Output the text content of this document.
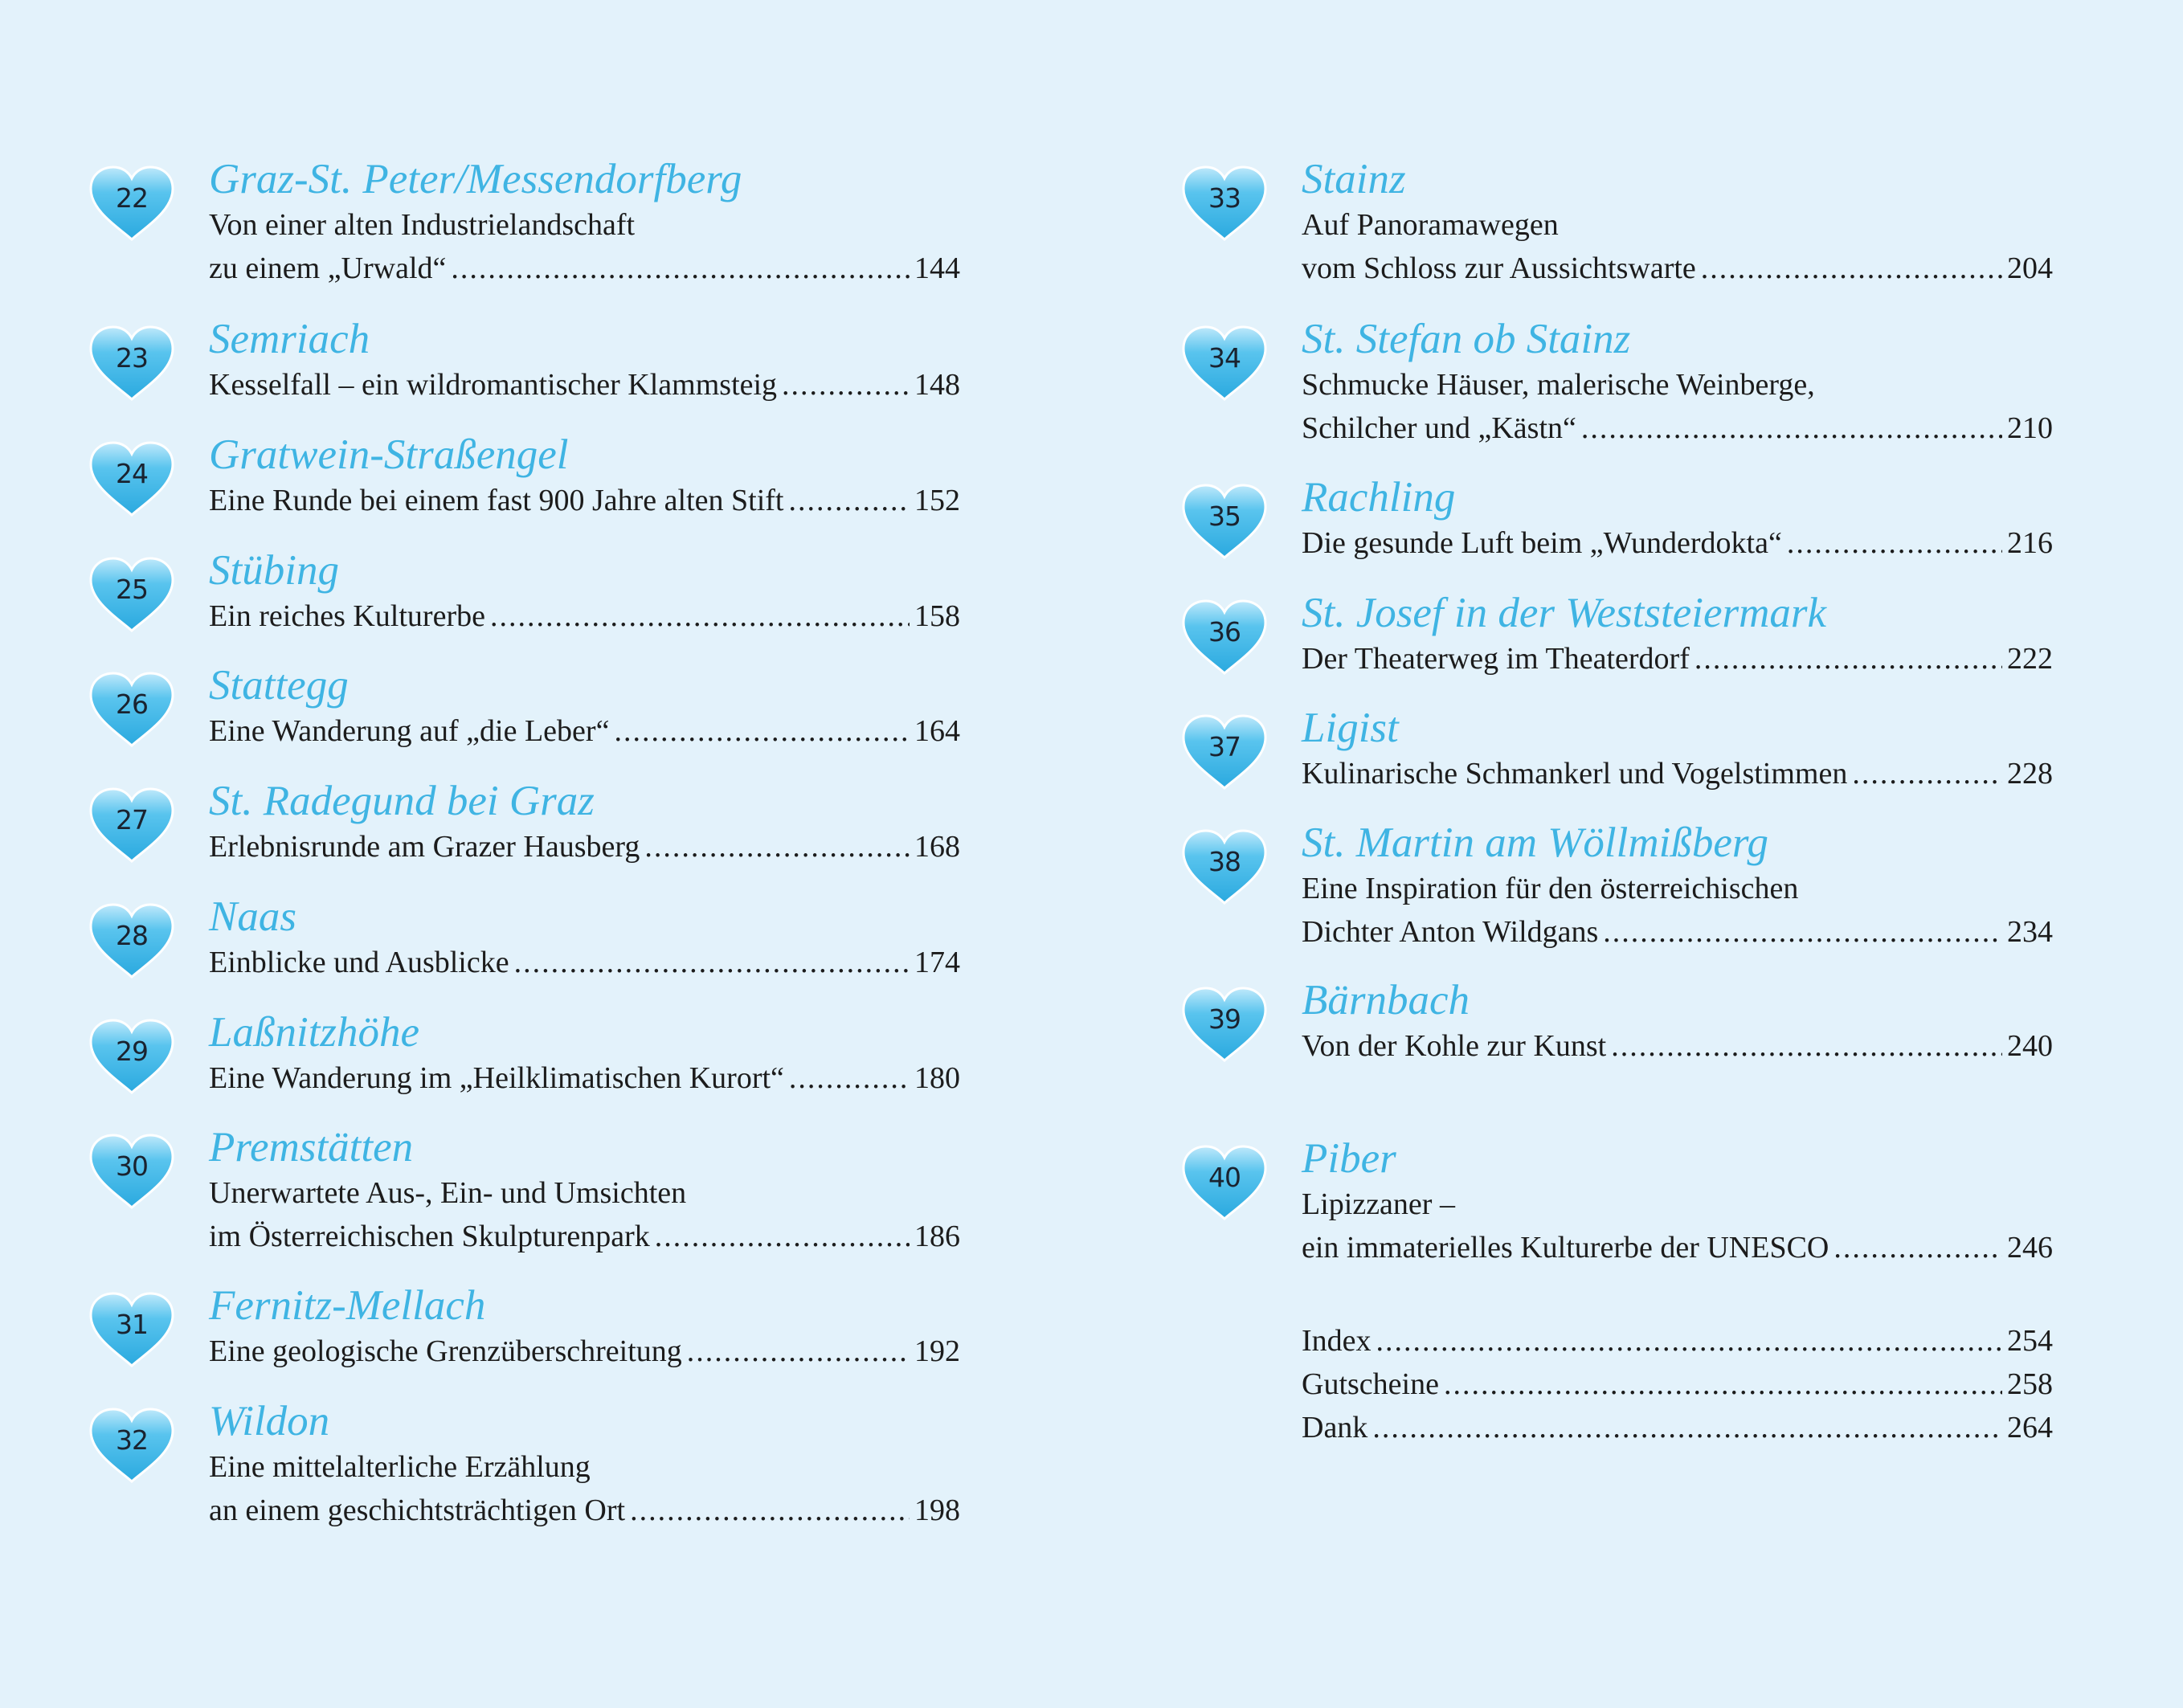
32	Wildon
Eine mittelalterliche Erzählung
an einem geschichtsträchtigen Ort .....	198
31	Fernitz-Mellach
Eine geologische Grenzüberschreitung .....	192
30	Premstätten
Unerwartete Aus-, Ein- und Umsichten
im Österreichischen Skulpturenpark .....	186
29	Laßnitzhöhe
Eine Wanderung im „Heilklimatischen Kurort“ .....	180
28	Naas
Einblicke und Ausblicke .....	174
27	St. Radegund bei Graz
Erlebnisrunde am Grazer Hausberg .....	168
26	Stattegg
Eine Wanderung auf „die Leber“ .....	164
25	Stübing
Ein reiches Kulturerbe .....	158
24	Gratwein-Straßengel
Eine Runde bei einem fast 900 Jahre alten Stift .....	152
23	Semriach
Kesselfall – ein wildromantischer Klammsteig .....	148
22	Graz-St. Peter/Messendorfberg
Von einer alten Industrielandschaft
zu einem „Urwald“ .....	144
40	Piber
Lipizzaner –
ein immaterielles Kulturerbe der UNESCO .....	246
39	Bärnbach
Von der Kohle zur Kunst .....	240
38	St. Martin am Wöllmißberg
Eine Inspiration für den österreichischen
Dichter Anton Wildgans .....	234
37	Ligist
Kulinarische Schmankerl und Vogelstimmen .....	228
36	St. Josef in der Weststeiermark
Der Theaterweg im Theaterdorf .....	222
35	Rachling
Die gesunde Luft beim „Wunderdokta“ .....	216
34	St. Stefan ob Stainz
Schmucke Häuser, malerische Weinberge,
Schilcher und „Kästn“ .....	210
33	Stainz
Auf Panoramawegen
vom Schloss zur Aussichtswarte .....	204
Index .....	254
Gutscheine .....	258
Dank .....	264
